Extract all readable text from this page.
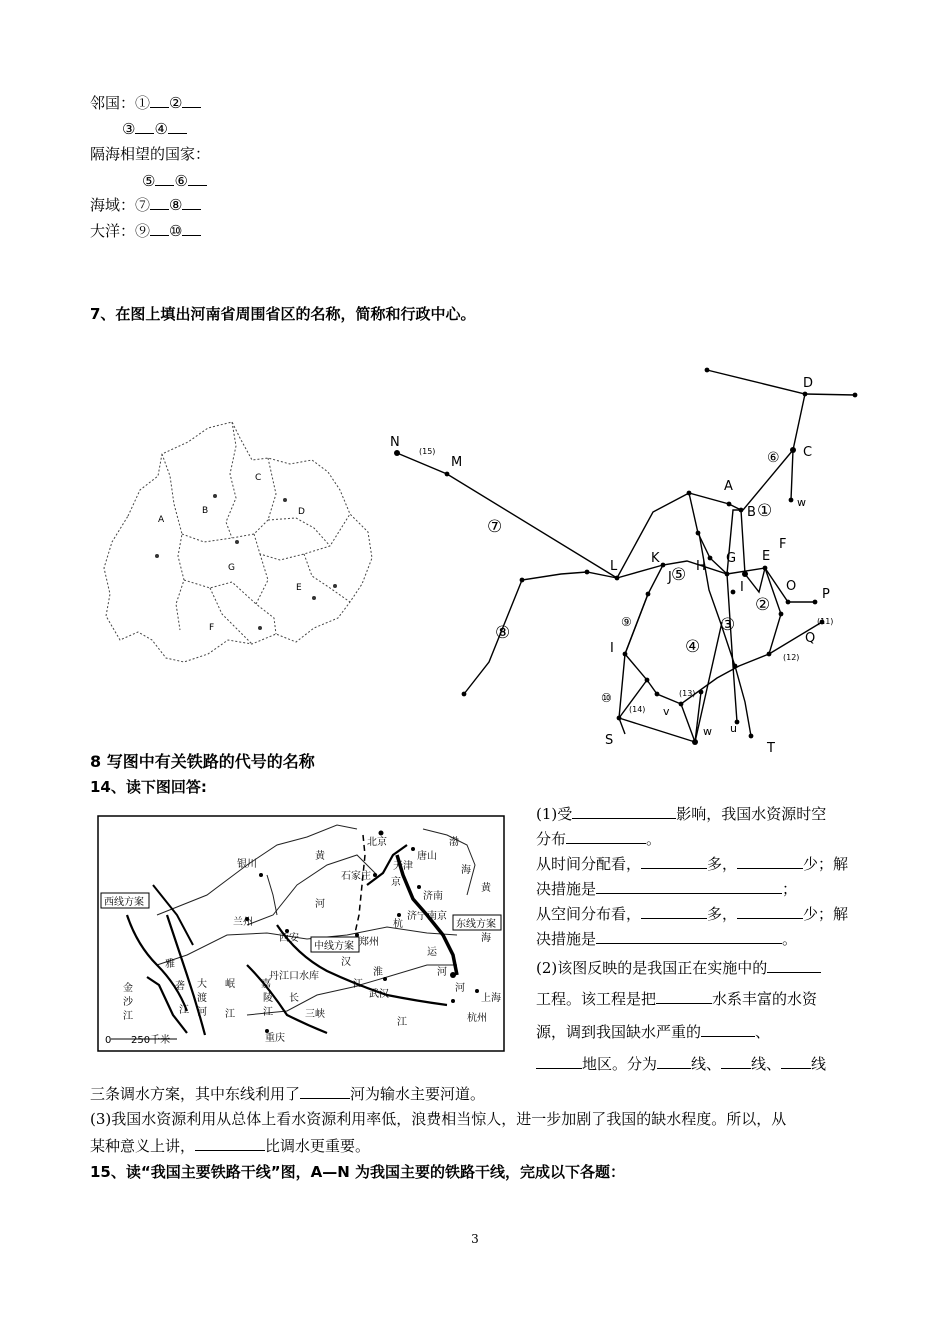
邻国：① ②
③ ④
隔海相望的国家：
⑤ ⑥
海域：⑦ ⑧
大洋：⑨ ⑩
7、在图上填出河南省周围省区的名称，简称和行政中心。
A
B
C
D
E
F
G
N
M
L
K
J
H
G
I
E
F
A
B
C
D
w
O
P
Q
I
S
v
w u
T
①
②
③
④
⑤
⑥
⑦
⑧
⑨
⑩
(11)
(12)
(13)
(14)
(15)
8 写图中有关铁路的代号的名称
14、读下图回答:
西线方案
中线方案
东线方案
银川
兰州
西安
北京
天津
唐山
石家庄
济南
济宁
郑州
丹江口水库
武汉
重庆
杭州
上海
南京
汉
长
江
淮	河
黄
河
渤
海
黄
海
京
杭
运
河
雅
砻
江
大
渡
河
岷
江
金
沙
江
嘉
陵
江	三 峡
江
0 250千米
(1)受	影响，我国水资源时空
分布	。
从时间分配看，	多，	少；解
决措施是	；
从空间分布看，	多，	少；解
决措施是	。
(2)该图反映的是我国正在实施中的
工程。该工程是把	水系丰富的水资
源，调到我国缺水严重的	、
地区。分为 线、 线、 线
三条调水方案，其中东线利用了	河为输水主要河道。
(3)我国水资源利用从总体上看水资源利用率低，浪费相当惊人，进一步加剧了我国的缺水程度。所以，从
某种意义上讲，	比调水更重要。
15、读“我国主要铁路干线”图，A—N 为我国主要的铁路干线，完成以下各题：
3
